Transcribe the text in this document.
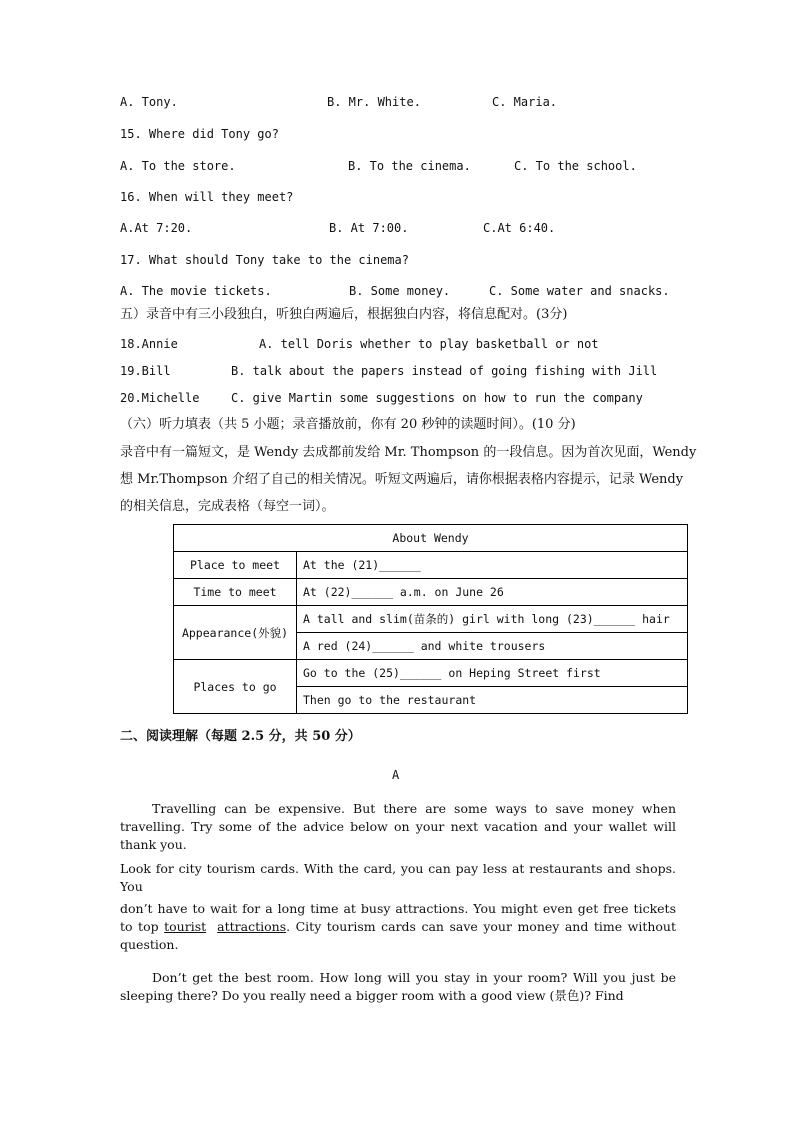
A. Tony.	B. Mr. White.	C. Maria.
15. Where did Tony go?
A. To the store.	B. To the cinema.	C. To the school.
16. When will they meet?
A.At 7:20.	B. At 7:00.	C.At 6:40.
17. What should Tony take to the cinema?
A. The movie tickets.	B. Some money.	C. Some water and snacks.
五）录音中有三小段独白，听独白两遍后，根据独白内容，将信息配对。(3分)
18.Annie	A. tell Doris whether to play basketball or not
19.Bill	B. talk about the papers instead of going fishing with Jill
20.Michelle	C. give Martin some suggestions on how to run the company
（六）听力填表（共 5 小题；录音播放前，你有 20 秒钟的读题时间）。(10 分)
录音中有一篇短文，是 Wendy 去成都前发给 Mr. Thompson 的一段信息。因为首次见面，Wendy
想 Mr.Thompson 介绍了自己的相关情况。听短文两遍后，请你根据表格内容提示，记录 Wendy
的相关信息，完成表格（每空一词）。
About Wendy	
Place to meet	At the (21)______
Time to meet	At (22)______ a.m. on June 26
Appearance(外貌)	A tall and slim(苗条的) girl with long (23)______ hair
	A red (24)______ and white trousers
Places to go	Go to the (25)______ on Heping Street first
	Then go to the restaurant
二、阅读理解（每题 2.5 分，共 50 分）
A
Travelling can be expensive. But there are some ways to save money when travelling. Try some of the advice below on your next vacation and your wallet will thank you.
Look for city tourism cards. With the card, you can pay less at restaurants and shops. You
don’t have to wait for a long time at busy attractions. You might even get free tickets to top tourist attractions. City tourism cards can save your money and time without question.
Don’t get the best room. How long will you stay in your room? Will you just be sleeping there? Do you really need a bigger room with a good view (景色)? Find
